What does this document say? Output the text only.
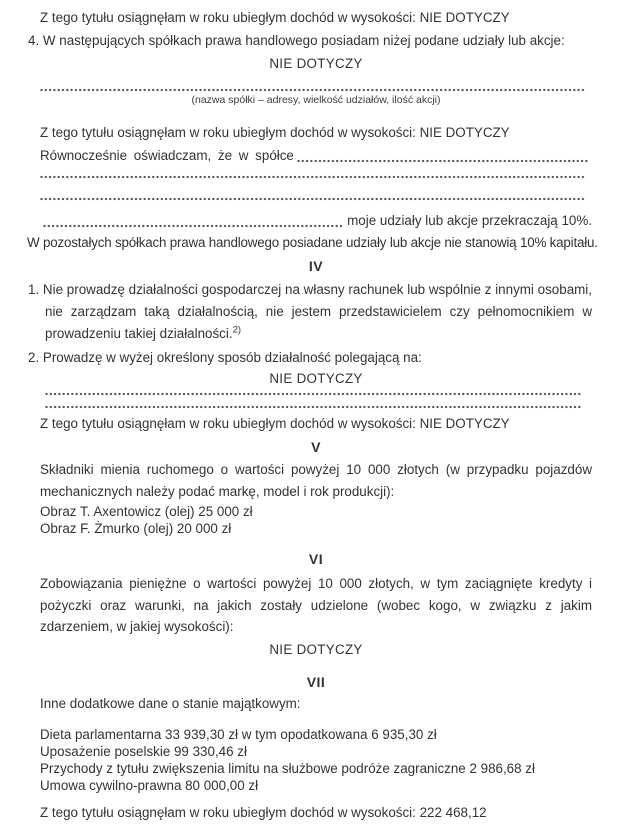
Z tego tytułu osiągnęłam w roku ubiegłym dochód w wysokości: NIE DOTYCZY
4. W następujących spółkach prawa handlowego posiadam niżej podane udziały lub akcje:
NIE DOTYCZY
(nazwa spółki – adresy, wielkość udziałów, ilość akcji)
Z tego tytułu osiągnęłam w roku ubiegłym dochód w wysokości: NIE DOTYCZY
Równocześnie oświadczam, że w spółce
moje udziały lub akcje przekraczają 10%.
W pozostałych spółkach prawa handlowego posiadane udziały lub akcje nie stanowią 10% kapitału.
IV
1. Nie prowadzę działalności gospodarczej na własny rachunek lub wspólnie z innymi osobami, nie zarządzam taką działalnością, nie jestem przedstawicielem czy pełnomocnikiem w prowadzeniu takiej działalności.$^{2)}$
2. Prowadzę w wyżej określony sposób działalność polegającą na:
NIE DOTYCZY
Z tego tytułu osiągnęłam w roku ubiegłym dochód w wysokości: NIE DOTYCZY
V
Składniki mienia ruchomego o wartości powyżej 10 000 złotych (w przypadku pojazdów mechanicznych należy podać markę, model i rok produkcji):
Obraz T. Axentowicz (olej) 25 000 zł
Obraz F. Żmurko (olej) 20 000 zł
VI
Zobowiązania pieniężne o wartości powyżej 10 000 złotych, w tym zaciągnięte kredyty i pożyczki oraz warunki, na jakich zostały udzielone (wobec kogo, w związku z jakim zdarzeniem, w jakiej wysokości):
NIE DOTYCZY
VII
Inne dodatkowe dane o stanie majątkowym:
Dieta parlamentarna 33 939,30 zł w tym opodatkowana 6 935,30 zł
Uposażenie poselskie 99 330,46 zł
Przychody z tytułu zwiększenia limitu na służbowe podróże zagraniczne 2 986,68 zł
Umowa cywilno-prawna 80 000,00 zł
Z tego tytułu osiągnęłam w roku ubiegłym dochód w wysokości: 222 468,12
